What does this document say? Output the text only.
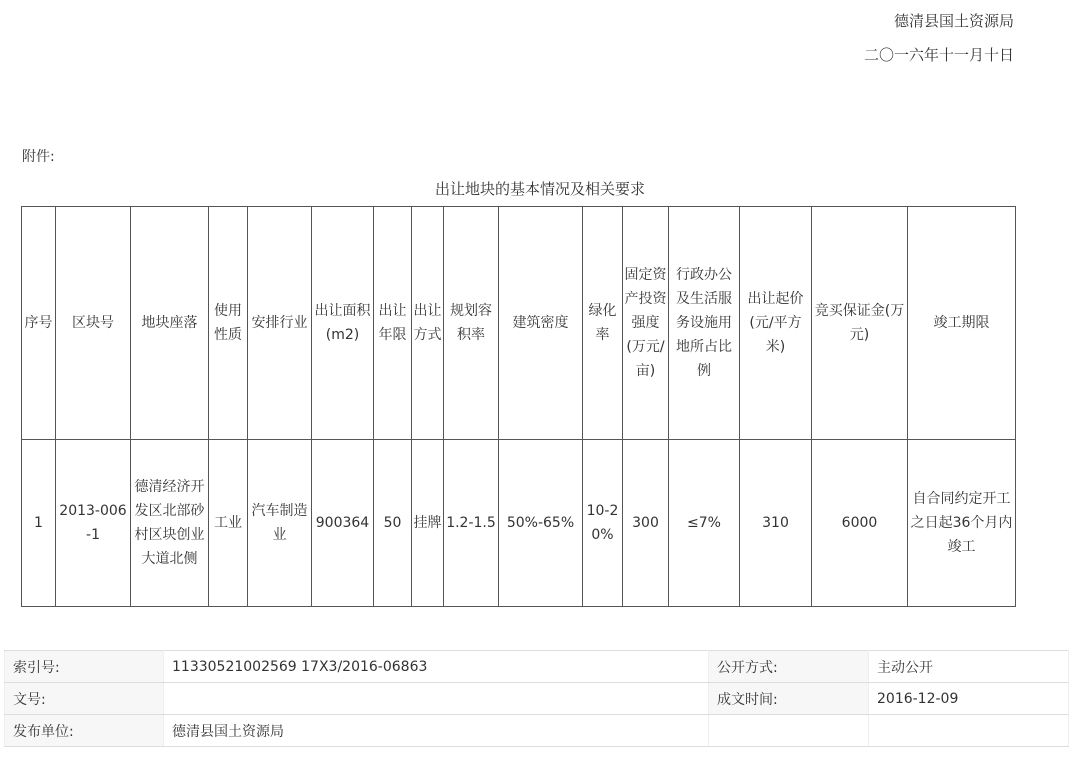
德清县国土资源局
二〇一六年十一月十日
附件:
出让地块的基本情况及相关要求
序号	区块号	地块座落	使用性质	安排行业	出让面积(m2)	出让年限	出让方式	规划容积率	建筑密度	绿化率	固定资产投资强度(万元/亩)	行政办公及生活服务设施用地所占比例	出让起价(元/平方米)	竞买保证金(万元)	竣工期限
1	2013-006-1	德清经济开发区北部砂村区块创业大道北侧	工业	汽车制造业	900364	50	挂牌	1.2-1.5	50%-65%	10-20%	300	≤7%	310	6000	自合同约定开工之日起36个月内竣工
索引号:	11330521002569 17X3/2016-06863	公开方式:	主动公开
文号:		成文时间:	2016-12-09
发布单位:	德清县国土资源局		
